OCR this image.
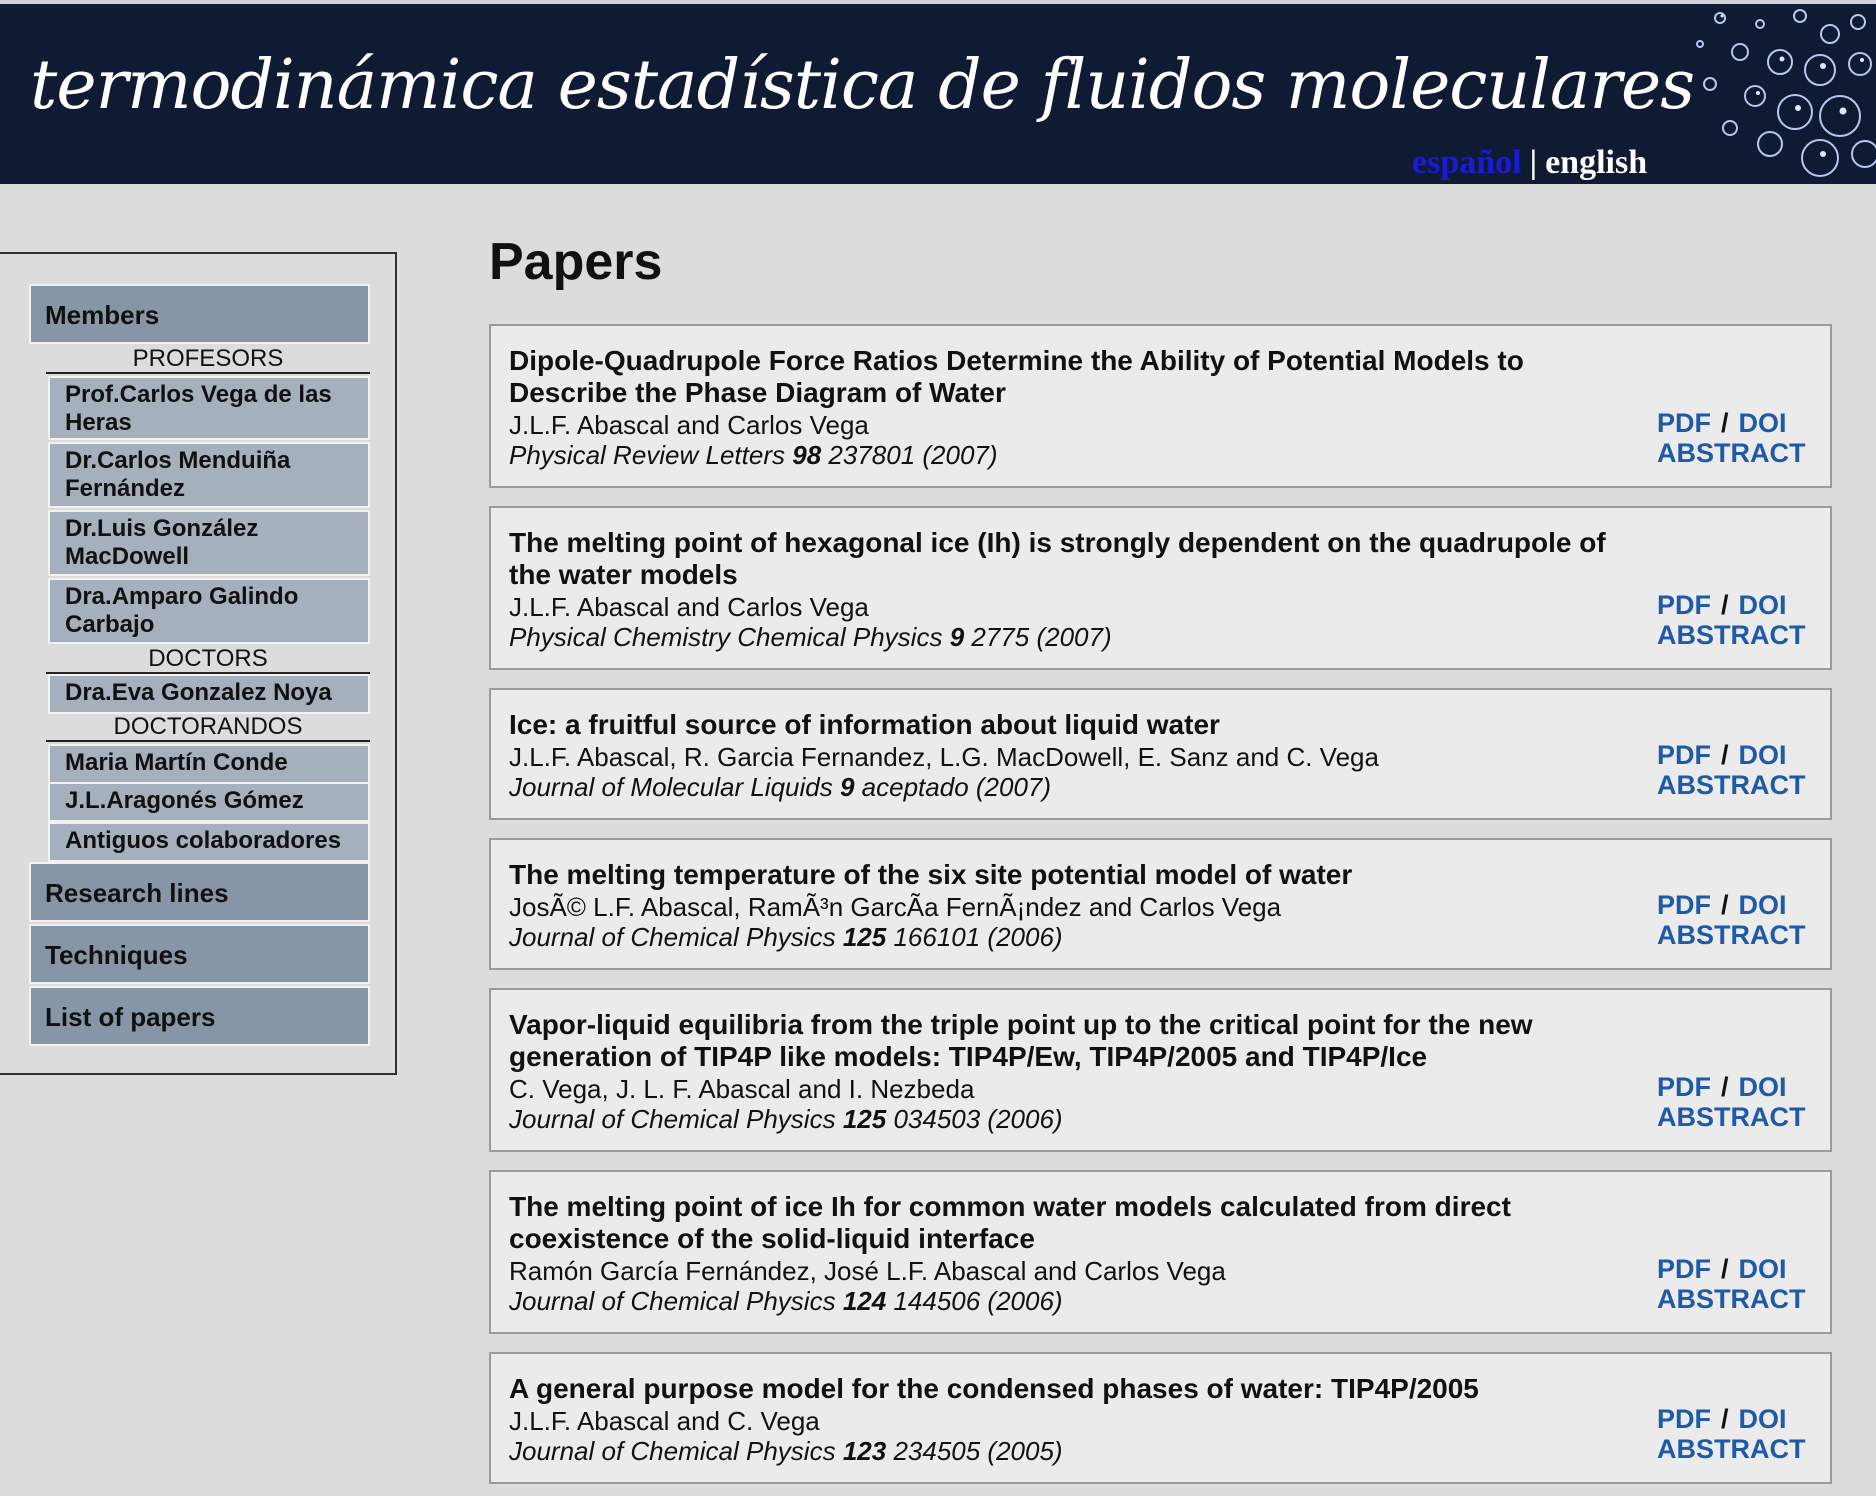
termodinámica estadística de fluidos moleculares
español | english
Members
PROFESORS
Prof.Carlos Vega de las Heras
Dr.Carlos Menduiña Fernández
Dr.Luis González MacDowell
Dra.Amparo Galindo Carbajo
DOCTORS
Dra.Eva Gonzalez Noya
DOCTORANDOS
Maria Martín Conde
J.L.Aragonés Gómez
Antiguos colaboradores
Research lines
Techniques
List of papers
Papers
Dipole-Quadrupole Force Ratios Determine the Ability of Potential Models to Describe the Phase Diagram of Water
J.L.F. Abascal and Carlos Vega
Physical Review Letters 98 237801 (2007)
PDF / DOI
ABSTRACT
The melting point of hexagonal ice (Ih) is strongly dependent on the quadrupole of the water models
J.L.F. Abascal and Carlos Vega
Physical Chemistry Chemical Physics 9 2775 (2007)
PDF / DOI
ABSTRACT
Ice: a fruitful source of information about liquid water
J.L.F. Abascal, R. Garcia Fernandez, L.G. MacDowell, E. Sanz and C. Vega
Journal of Molecular Liquids 9 aceptado (2007)
PDF / DOI
ABSTRACT
The melting temperature of the six site potential model of water
JosÃ© L.F. Abascal, RamÃ³n GarcÃa FernÃ¡ndez and Carlos Vega
Journal of Chemical Physics 125 166101 (2006)
PDF / DOI
ABSTRACT
Vapor-liquid equilibria from the triple point up to the critical point for the new generation of TIP4P like models: TIP4P/Ew, TIP4P/2005 and TIP4P/Ice
C. Vega, J. L. F. Abascal and I. Nezbeda
Journal of Chemical Physics 125 034503 (2006)
PDF / DOI
ABSTRACT
The melting point of ice Ih for common water models calculated from direct coexistence of the solid-liquid interface
Ramón García Fernández, José L.F. Abascal and Carlos Vega
Journal of Chemical Physics 124 144506 (2006)
PDF / DOI
ABSTRACT
A general purpose model for the condensed phases of water: TIP4P/2005
J.L.F. Abascal and C. Vega
Journal of Chemical Physics 123 234505 (2005)
PDF / DOI
ABSTRACT
